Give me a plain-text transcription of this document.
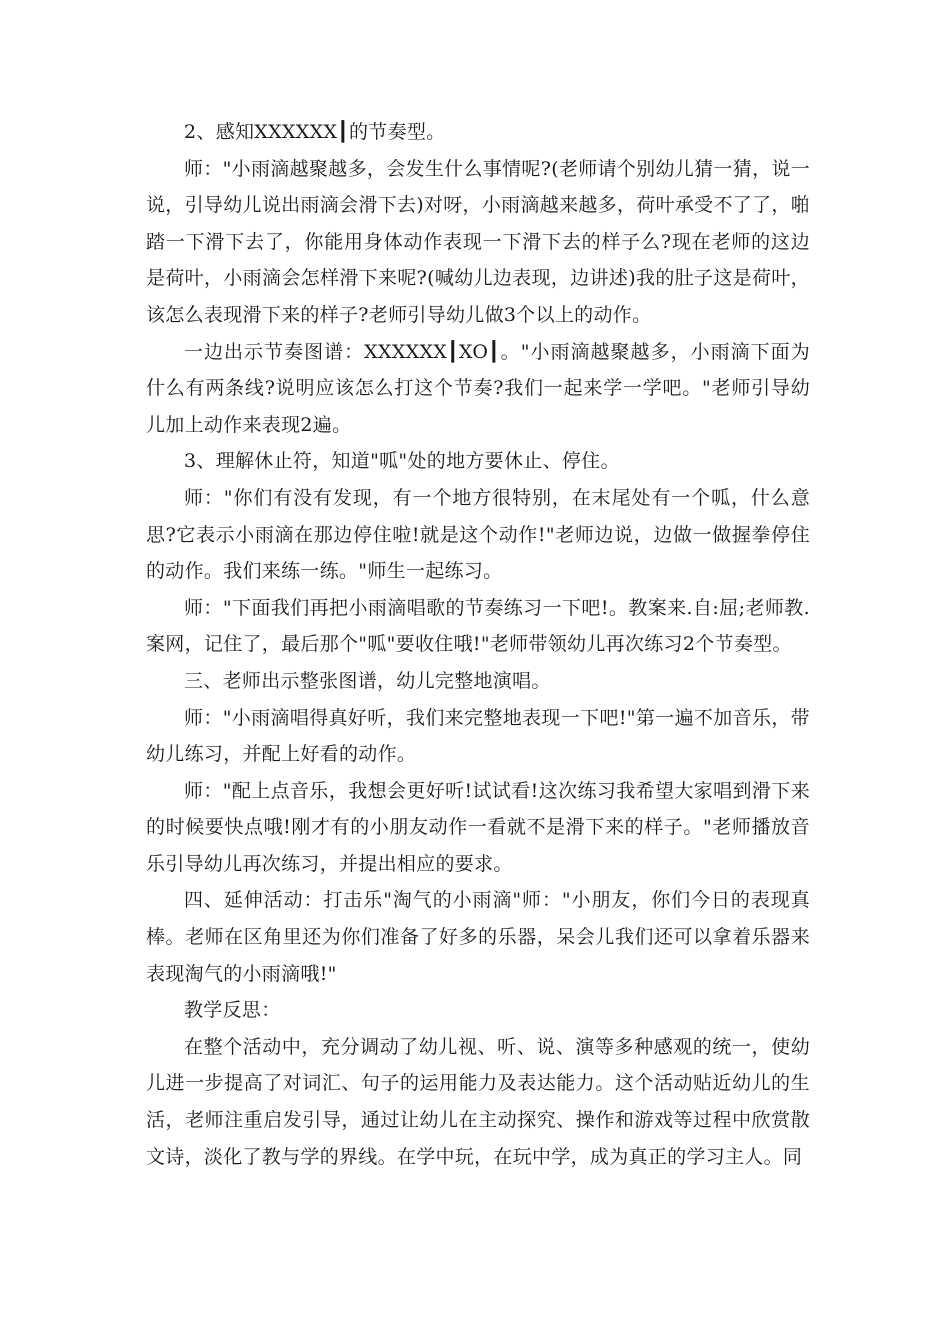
2、感知XXXXXX┃的节奏型。

师："小雨滴越聚越多，会发生什么事情呢?(老师请个别幼儿猜一猜，说一说，引导幼儿说出雨滴会滑下去)对呀，小雨滴越来越多，荷叶承受不了了，啪踏一下滑下去了，你能用身体动作表现一下滑下去的样子么?现在老师的这边是荷叶，小雨滴会怎样滑下来呢?(喊幼儿边表现，边讲述)我的肚子这是荷叶，该怎么表现滑下来的样子?老师引导幼儿做3个以上的动作。

一边出示节奏图谱：XXXXXX┃XO┃。"小雨滴越聚越多，小雨滴下面为什么有两条线?说明应该怎么打这个节奏?我们一起来学一学吧。"老师引导幼儿加上动作来表现2遍。

3、理解休止符，知道"呱"处的地方要休止、停住。

师："你们有没有发现，有一个地方很特别，在末尾处有一个呱，什么意思?它表示小雨滴在那边停住啦!就是这个动作!"老师边说，边做一做握拳停住的动作。我们来练一练。"师生一起练习。

师："下面我们再把小雨滴唱歌的节奏练习一下吧!。教案来.自:屈;老师教.案网，记住了，最后那个"呱"要收住哦!"老师带领幼儿再次练习2个节奏型。

三、老师出示整张图谱，幼儿完整地演唱。

师："小雨滴唱得真好听，我们来完整地表现一下吧!"第一遍不加音乐，带幼儿练习，并配上好看的动作。

师："配上点音乐，我想会更好听!试试看!这次练习我希望大家唱到滑下来的时候要快点哦!刚才有的小朋友动作一看就不是滑下来的样子。"老师播放音乐引导幼儿再次练习，并提出相应的要求。

四、延伸活动：打击乐"淘气的小雨滴"师："小朋友，你们今日的表现真棒。老师在区角里还为你们准备了好多的乐器，呆会儿我们还可以拿着乐器来表现淘气的小雨滴哦!"

教学反思：

在整个活动中，充分调动了幼儿视、听、说、演等多种感观的统一，使幼儿进一步提高了对词汇、句子的运用能力及表达能力。这个活动贴近幼儿的生活，老师注重启发引导，通过让幼儿在主动探究、操作和游戏等过程中欣赏散文诗，淡化了教与学的界线。在学中玩，在玩中学，成为真正的学习主人。同
